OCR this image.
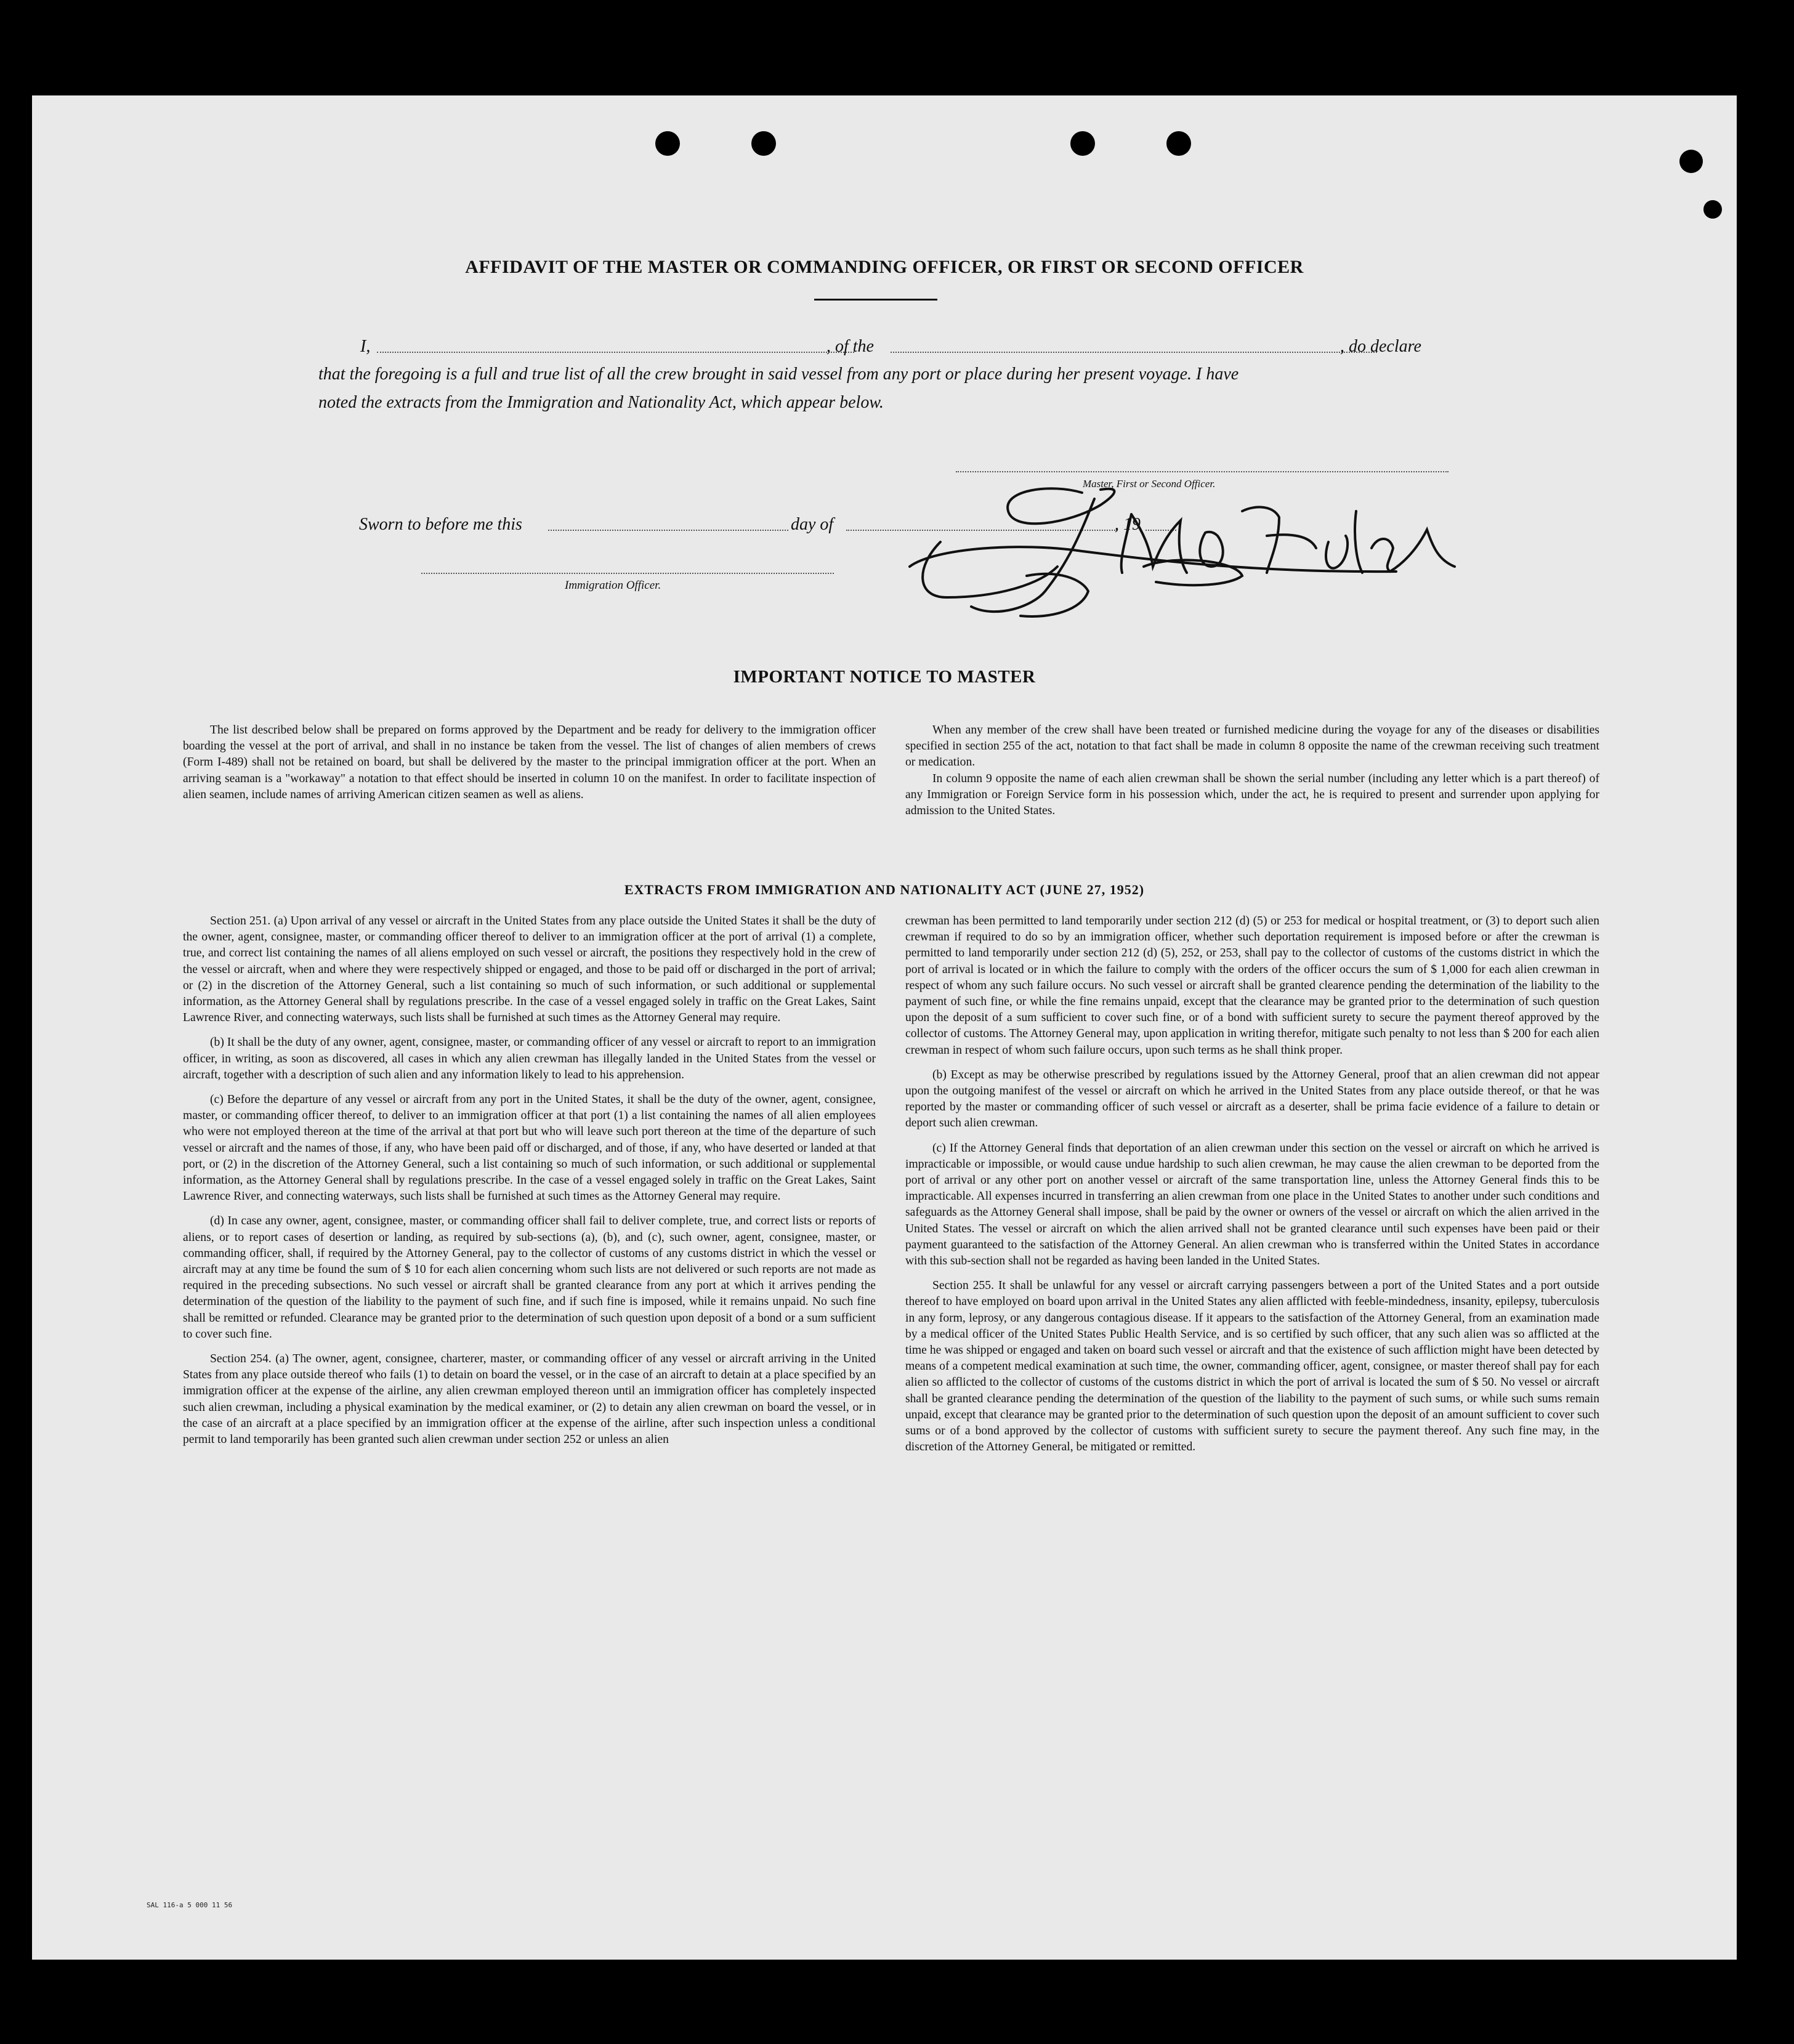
AFFIDAVIT OF THE MASTER OR COMMANDING OFFICER, OR FIRST OR SECOND OFFICER
I,	, of the	, do declare
that the foregoing is a full and true list of all the crew brought in said vessel from any port or place during her present voyage. I have
noted the extracts from the Immigration and Nationality Act, which appear below.
Master, First or Second Officer.
Sworn to before me this	day of	, 19
Immigration Officer.
IMPORTANT NOTICE TO MASTER

The list described below shall be prepared on forms approved by the Department and be ready for delivery to the immigration officer boarding the vessel at the port of arrival, and shall in no instance be taken from the vessel. The list of changes of alien members of crews (Form I-489) shall not be retained on board, but shall be delivered by the master to the principal immigration officer at the port. When an arriving seaman is a "workaway" a notation to that effect should be inserted in column 10 on the manifest. In order to facilitate inspection of alien seamen, include names of arriving American citizen seamen as well as aliens.

When any member of the crew shall have been treated or furnished medicine during the voyage for any of the diseases or disabilities specified in section 255 of the act, notation to that fact shall be made in column 8 opposite the name of the crewman receiving such treatment or medication.

In column 9 opposite the name of each alien crewman shall be shown the serial number (including any letter which is a part thereof) of any Immigration or Foreign Service form in his possession which, under the act, he is required to present and surrender upon applying for admission to the United States.

EXTRACTS FROM IMMIGRATION AND NATIONALITY ACT (JUNE 27, 1952)

Section 251. (a) Upon arrival of any vessel or aircraft in the United States from any place outside the United States it shall be the duty of the owner, agent, consignee, master, or commanding officer thereof to deliver to an immigration officer at the port of arrival (1) a complete, true, and correct list containing the names of all aliens employed on such vessel or aircraft, the positions they respectively hold in the crew of the vessel or aircraft, when and where they were respectively shipped or engaged, and those to be paid off or discharged in the port of arrival; or (2) in the discretion of the Attorney General, such a list containing so much of such information, or such additional or supplemental information, as the Attorney General shall by regulations prescribe. In the case of a vessel engaged solely in traffic on the Great Lakes, Saint Lawrence River, and connecting waterways, such lists shall be furnished at such times as the Attorney General may require.

(b) It shall be the duty of any owner, agent, consignee, master, or commanding officer of any vessel or aircraft to report to an immigration officer, in writing, as soon as discovered, all cases in which any alien crewman has illegally landed in the United States from the vessel or aircraft, together with a description of such alien and any information likely to lead to his apprehension.

(c) Before the departure of any vessel or aircraft from any port in the United States, it shall be the duty of the owner, agent, consignee, master, or commanding officer thereof, to deliver to an immigration officer at that port (1) a list containing the names of all alien employees who were not employed thereon at the time of the arrival at that port but who will leave such port thereon at the time of the departure of such vessel or aircraft and the names of those, if any, who have been paid off or discharged, and of those, if any, who have deserted or landed at that port, or (2) in the discretion of the Attorney General, such a list containing so much of such information, or such additional or supplemental information, as the Attorney General shall by regulations prescribe. In the case of a vessel engaged solely in traffic on the Great Lakes, Saint Lawrence River, and connecting waterways, such lists shall be furnished at such times as the Attorney General may require.

(d) In case any owner, agent, consignee, master, or commanding officer shall fail to deliver complete, true, and correct lists or reports of aliens, or to report cases of desertion or landing, as required by sub-sections (a), (b), and (c), such owner, agent, consignee, master, or commanding officer, shall, if required by the Attorney General, pay to the collector of customs of any customs district in which the vessel or aircraft may at any time be found the sum of $ 10 for each alien concerning whom such lists are not delivered or such reports are not made as required in the preceding subsections. No such vessel or aircraft shall be granted clearance from any port at which it arrives pending the determination of the question of the liability to the payment of such fine, and if such fine is imposed, while it remains unpaid. No such fine shall be remitted or refunded. Clearance may be granted prior to the determination of such question upon deposit of a bond or a sum sufficient to cover such fine.

Section 254. (a) The owner, agent, consignee, charterer, master, or commanding officer of any vessel or aircraft arriving in the United States from any place outside thereof who fails (1) to detain on board the vessel, or in the case of an aircraft to detain at a place specified by an immigration officer at the expense of the airline, any alien crewman employed thereon until an immigration officer has completely inspected such alien crewman, including a physical examination by the medical examiner, or (2) to detain any alien crewman on board the vessel, or in the case of an aircraft at a place specified by an immigration officer at the expense of the airline, after such inspection unless a conditional permit to land temporarily has been granted such alien crewman under section 252 or unless an alien

crewman has been permitted to land temporarily under section 212 (d) (5) or 253 for medical or hospital treatment, or (3) to deport such alien crewman if required to do so by an immigration officer, whether such deportation requirement is imposed before or after the crewman is permitted to land temporarily under section 212 (d) (5), 252, or 253, shall pay to the collector of customs of the customs district in which the port of arrival is located or in which the failure to comply with the orders of the officer occurs the sum of $ 1,000 for each alien crewman in respect of whom any such failure occurs. No such vessel or aircraft shall be granted clearence pending the determination of the liability to the payment of such fine, or while the fine remains unpaid, except that the clearance may be granted prior to the determination of such question upon the deposit of a sum sufficient to cover such fine, or of a bond with sufficient surety to secure the payment thereof approved by the collector of customs. The Attorney General may, upon application in writing therefor, mitigate such penalty to not less than $ 200 for each alien crewman in respect of whom such failure occurs, upon such terms as he shall think proper.

(b) Except as may be otherwise prescribed by regulations issued by the Attorney General, proof that an alien crewman did not appear upon the outgoing manifest of the vessel or aircraft on which he arrived in the United States from any place outside thereof, or that he was reported by the master or commanding officer of such vessel or aircraft as a deserter, shall be prima facie evidence of a failure to detain or deport such alien crewman.

(c) If the Attorney General finds that deportation of an alien crewman under this section on the vessel or aircraft on which he arrived is impracticable or impossible, or would cause undue hardship to such alien crewman, he may cause the alien crewman to be deported from the port of arrival or any other port on another vessel or aircraft of the same transportation line, unless the Attorney General finds this to be impracticable. All expenses incurred in transferring an alien crewman from one place in the United States to another under such conditions and safeguards as the Attorney General shall impose, shall be paid by the owner or owners of the vessel or aircraft on which the alien arrived in the United States. The vessel or aircraft on which the alien arrived shall not be granted clearance until such expenses have been paid or their payment guaranteed to the satisfaction of the Attorney General. An alien crewman who is transferred within the United States in accordance with this sub-section shall not be regarded as having been landed in the United States.

Section 255. It shall be unlawful for any vessel or aircraft carrying passengers between a port of the United States and a port outside thereof to have employed on board upon arrival in the United States any alien afflicted with feeble-mindedness, insanity, epilepsy, tuberculosis in any form, leprosy, or any dangerous contagious disease. If it appears to the satisfaction of the Attorney General, from an examination made by a medical officer of the United States Public Health Service, and is so certified by such officer, that any such alien was so afflicted at the time he was shipped or engaged and taken on board such vessel or aircraft and that the existence of such affliction might have been detected by means of a competent medical examination at such time, the owner, commanding officer, agent, consignee, or master thereof shall pay for each alien so afflicted to the collector of customs of the customs district in which the port of arrival is located the sum of $ 50. No vessel or aircraft shall be granted clearance pending the determination of the question of the liability to the payment of such sums, or while such sums remain unpaid, except that clearance may be granted prior to the determination of such question upon the deposit of an amount sufficient to cover such sums or of a bond approved by the collector of customs with sufficient surety to secure the payment thereof. Any such fine may, in the discretion of the Attorney General, be mitigated or remitted.

SAL 116-a 5 000 11 56
